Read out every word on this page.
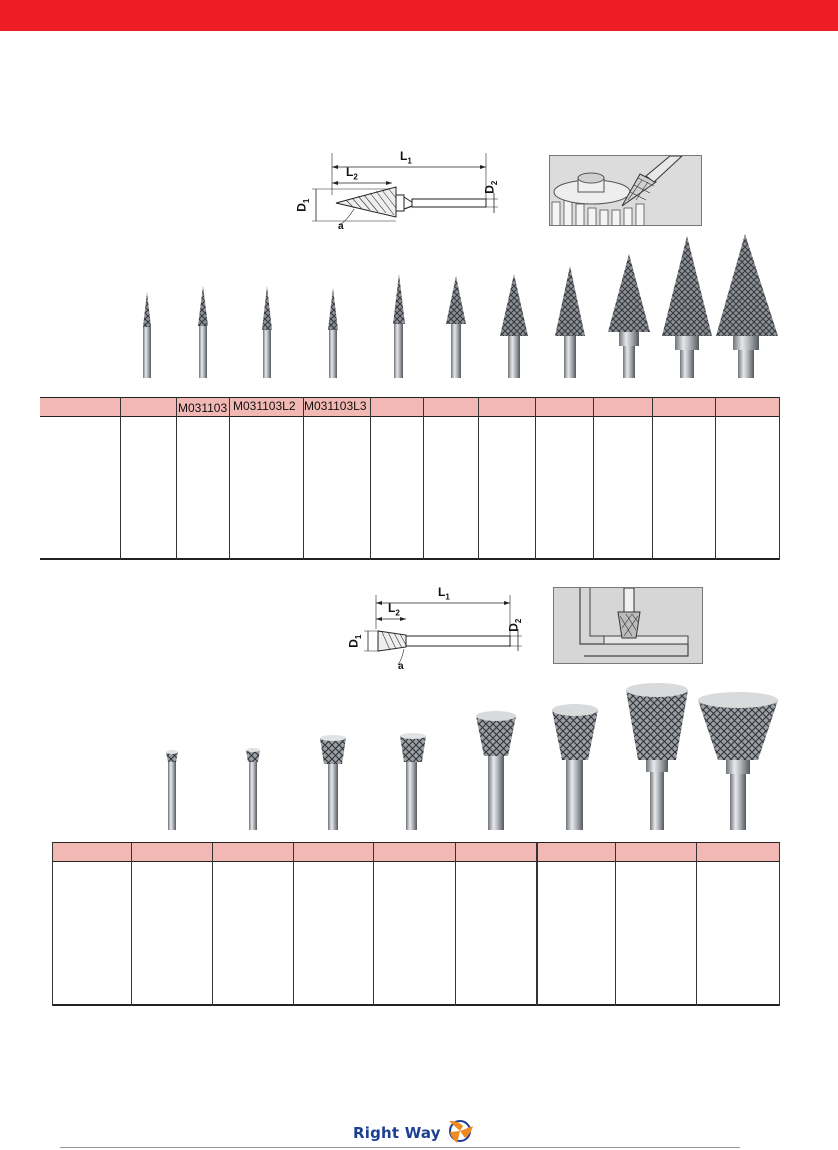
$L_1$
$L_2$
$D_1$
$D_2$
a
M031103 M031103L2 M031103L3
$L_1$
$L_2$
$D_1$
$D_2$
a
Right Way
